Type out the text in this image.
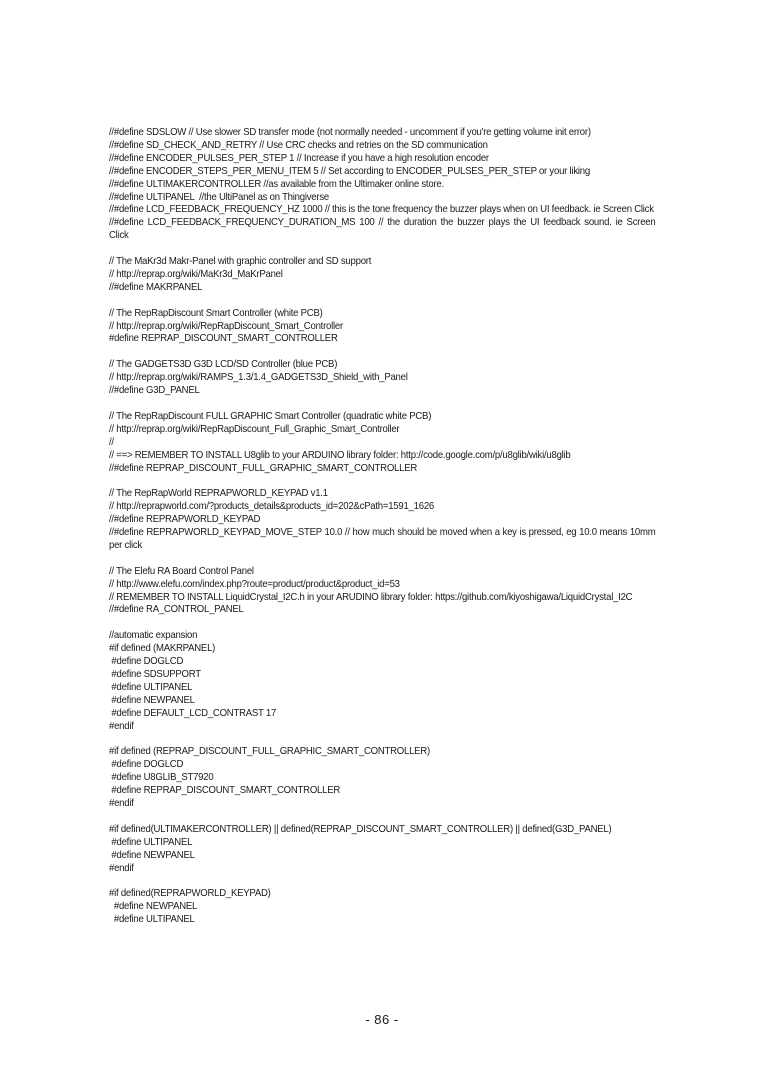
//#define SDSLOW // Use slower SD transfer mode (not normally needed - uncomment if you're getting volume init error)
//#define SD_CHECK_AND_RETRY // Use CRC checks and retries on the SD communication
//#define ENCODER_PULSES_PER_STEP 1 // Increase if you have a high resolution encoder
//#define ENCODER_STEPS_PER_MENU_ITEM 5 // Set according to ENCODER_PULSES_PER_STEP or your liking
//#define ULTIMAKERCONTROLLER //as available from the Ultimaker online store.
//#define ULTIPANEL  //the UltiPanel as on Thingiverse
//#define LCD_FEEDBACK_FREQUENCY_HZ 1000 // this is the tone frequency the buzzer plays when on UI feedback. ie Screen Click
//#define LCD_FEEDBACK_FREQUENCY_DURATION_MS 100 // the duration the buzzer plays the UI feedback sound. ie Screen Click
// The MaKr3d Makr-Panel with graphic controller and SD support
// http://reprap.org/wiki/MaKr3d_MaKrPanel
//#define MAKRPANEL
// The RepRapDiscount Smart Controller (white PCB)
// http://reprap.org/wiki/RepRapDiscount_Smart_Controller
#define REPRAP_DISCOUNT_SMART_CONTROLLER
// The GADGETS3D G3D LCD/SD Controller (blue PCB)
// http://reprap.org/wiki/RAMPS_1.3/1.4_GADGETS3D_Shield_with_Panel
//#define G3D_PANEL
// The RepRapDiscount FULL GRAPHIC Smart Controller (quadratic white PCB)
// http://reprap.org/wiki/RepRapDiscount_Full_Graphic_Smart_Controller
//
// ==> REMEMBER TO INSTALL U8glib to your ARDUINO library folder: http://code.google.com/p/u8glib/wiki/u8glib
//#define REPRAP_DISCOUNT_FULL_GRAPHIC_SMART_CONTROLLER
// The RepRapWorld REPRAPWORLD_KEYPAD v1.1
// http://reprapworld.com/?products_details&products_id=202&cPath=1591_1626
//#define REPRAPWORLD_KEYPAD
//#define REPRAPWORLD_KEYPAD_MOVE_STEP 10.0 // how much should be moved when a key is pressed, eg 10.0 means 10mm per click
// The Elefu RA Board Control Panel
// http://www.elefu.com/index.php?route=product/product&product_id=53
// REMEMBER TO INSTALL LiquidCrystal_I2C.h in your ARUDINO library folder: https://github.com/kiyoshigawa/LiquidCrystal_I2C
//#define RA_CONTROL_PANEL
//automatic expansion
#if defined (MAKRPANEL)
#define DOGLCD
#define SDSUPPORT
#define ULTIPANEL
#define NEWPANEL
#define DEFAULT_LCD_CONTRAST 17
#endif
#if defined (REPRAP_DISCOUNT_FULL_GRAPHIC_SMART_CONTROLLER)
#define DOGLCD
#define U8GLIB_ST7920
#define REPRAP_DISCOUNT_SMART_CONTROLLER
#endif
#if defined(ULTIMAKERCONTROLLER) || defined(REPRAP_DISCOUNT_SMART_CONTROLLER) || defined(G3D_PANEL)
#define ULTIPANEL
#define NEWPANEL
#endif
#if defined(REPRAPWORLD_KEYPAD)
#define NEWPANEL
#define ULTIPANEL
- 86 -
